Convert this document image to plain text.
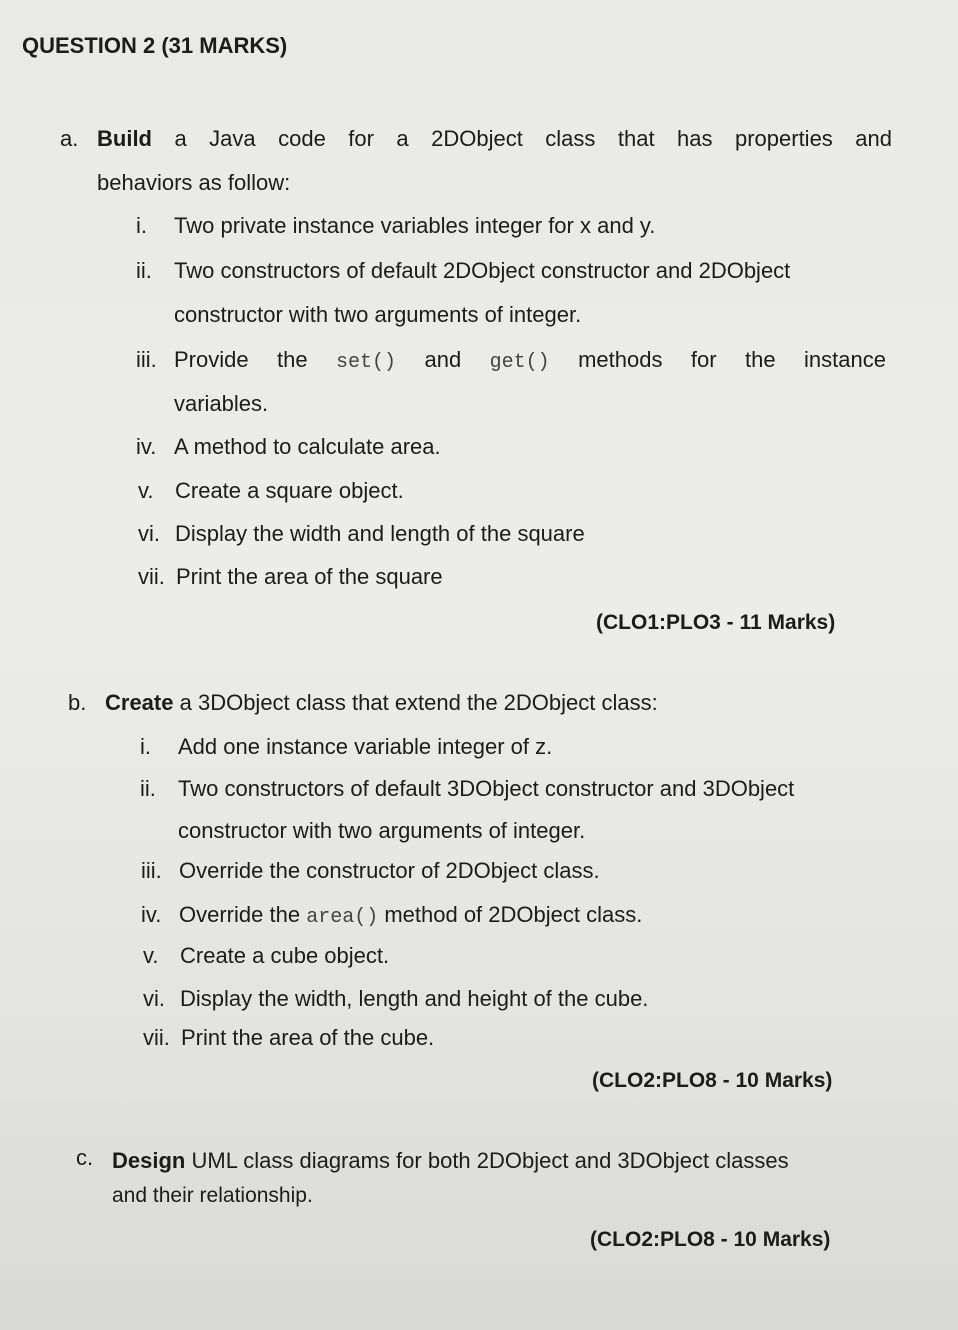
QUESTION 2 (31 MARKS)
a. Build a Java code for a 2DObject class that has properties and
behaviors as follow:
i. Two private instance variables integer for x and y.
ii. Two constructors of default 2DObject constructor and 2DObject
constructor with two arguments of integer.
iii. Provide the set() and get() methods for the instance
variables.
iv. A method to calculate area.
v. Create a square object.
vi. Display the width and length of the square
vii. Print the area of the square
(CLO1:PLO3 - 11 Marks)
b. Create a 3DObject class that extend the 2DObject class:
i. Add one instance variable integer of z.
ii. Two constructors of default 3DObject constructor and 3DObject
constructor with two arguments of integer.
iii. Override the constructor of 2DObject class.
iv. Override the area() method of 2DObject class.
v. Create a cube object.
vi. Display the width, length and height of the cube.
vii. Print the area of the cube.
(CLO2:PLO8 - 10 Marks)
c. Design UML class diagrams for both 2DObject and 3DObject classes
and their relationship.
(CLO2:PLO8 - 10 Marks)
